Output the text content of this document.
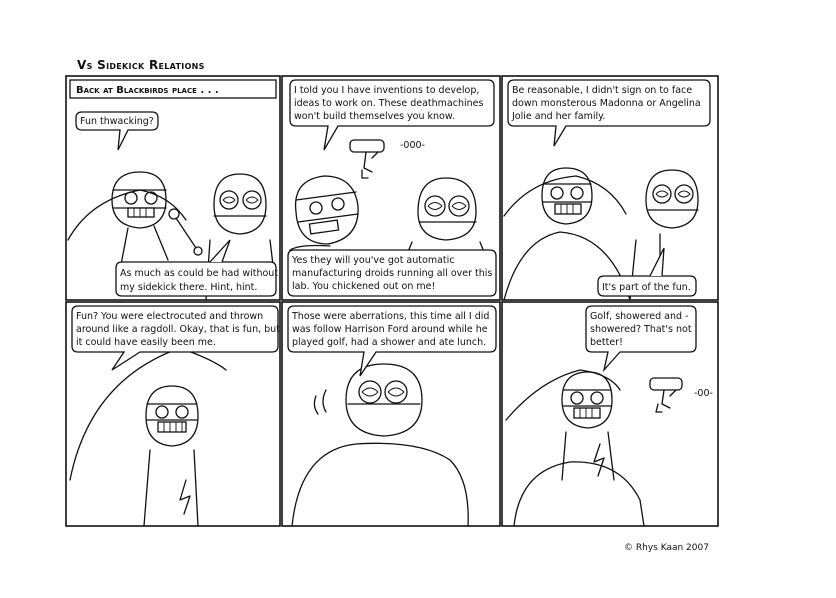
Vs Sidekick Relations
Back at Blackbirds place . . .
Fun thwacking?
As much as could be had without
my sidekick there. Hint, hint.
-000-
I told you I have inventions to develop,
ideas to work on. These deathmachines
won't build themselves you know.
Yes they will you've got automatic
manufacturing droids running all over this
lab. You chickened out on me!
Be reasonable, I didn't sign on to face
down monsterous Madonna or Angelina
Jolie and her family.
It's part of the fun.
Fun? You were electrocuted and thrown
around like a ragdoll. Okay, that is fun, but
it could have easily been me.
Those were aberrations, this time all I did
was follow Harrison Ford around while he
played golf, had a shower and ate lunch.
-00-
Golf, showered and -
showered? That's not
better!
© Rhys Kaan 2007
